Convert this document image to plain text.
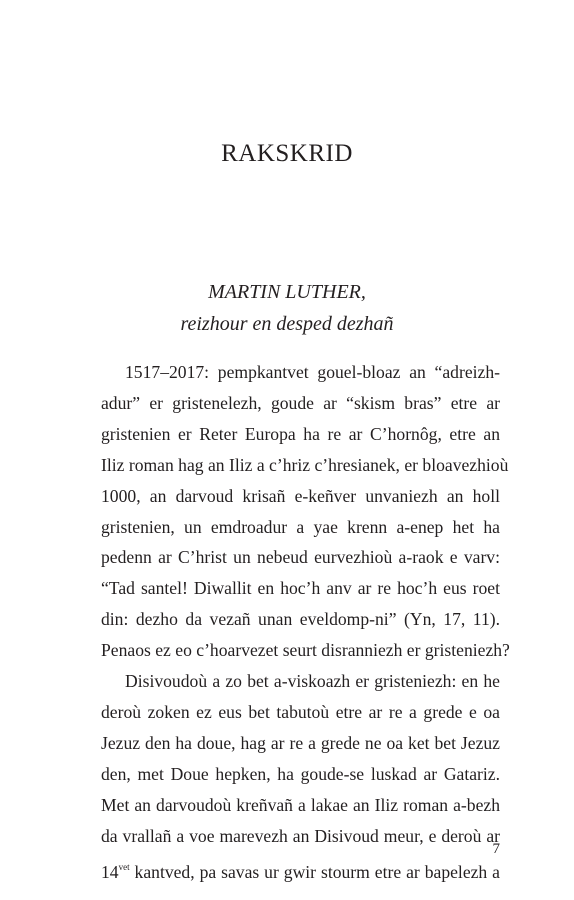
RAKSKRID
MARTIN LUTHER,
reizhour en desped dezhañ
1517–2017: pempkantvet gouel-bloaz an “adreizh-
adur” er gristenelezh, goude ar “skism bras” etre ar
gristenien er Reter Europa ha re ar C’hornôg, etre an
Iliz roman hag an Iliz a c’hriz c’hresianek, er bloavezhioù
1000, an darvoud krisañ e-keñver unvaniezh an holl
gristenien, un emdroadur a yae krenn a-enep het ha
pedenn ar C’hrist un nebeud eurvezhioù a-raok e varv:
“Tad santel! Diwallit en hoc’h anv ar re hoc’h eus roet
din: dezho da vezañ unan eveldomp-ni” (Yn, 17, 11).
Penaos ez eo c’hoarvezet seurt disranniezh er gristeniezh?
Disivoudoù a zo bet a-viskoazh er gristeniezh: en he
deroù zoken ez eus bet tabutoù etre ar re a grede e oa
Jezuz den ha doue, hag ar re a grede ne oa ket bet Jezuz
den, met Doue hepken, ha goude-se luskad ar Gatariz.
Met an darvoudoù kreñvañ a lakae an Iliz roman a-bezh
da vrallañ a voe marevezh an Disivoud meur, e deroù ar
$14^{vet}$ kantved, pa savas ur gwir stourm etre ar bapelezh a
7
